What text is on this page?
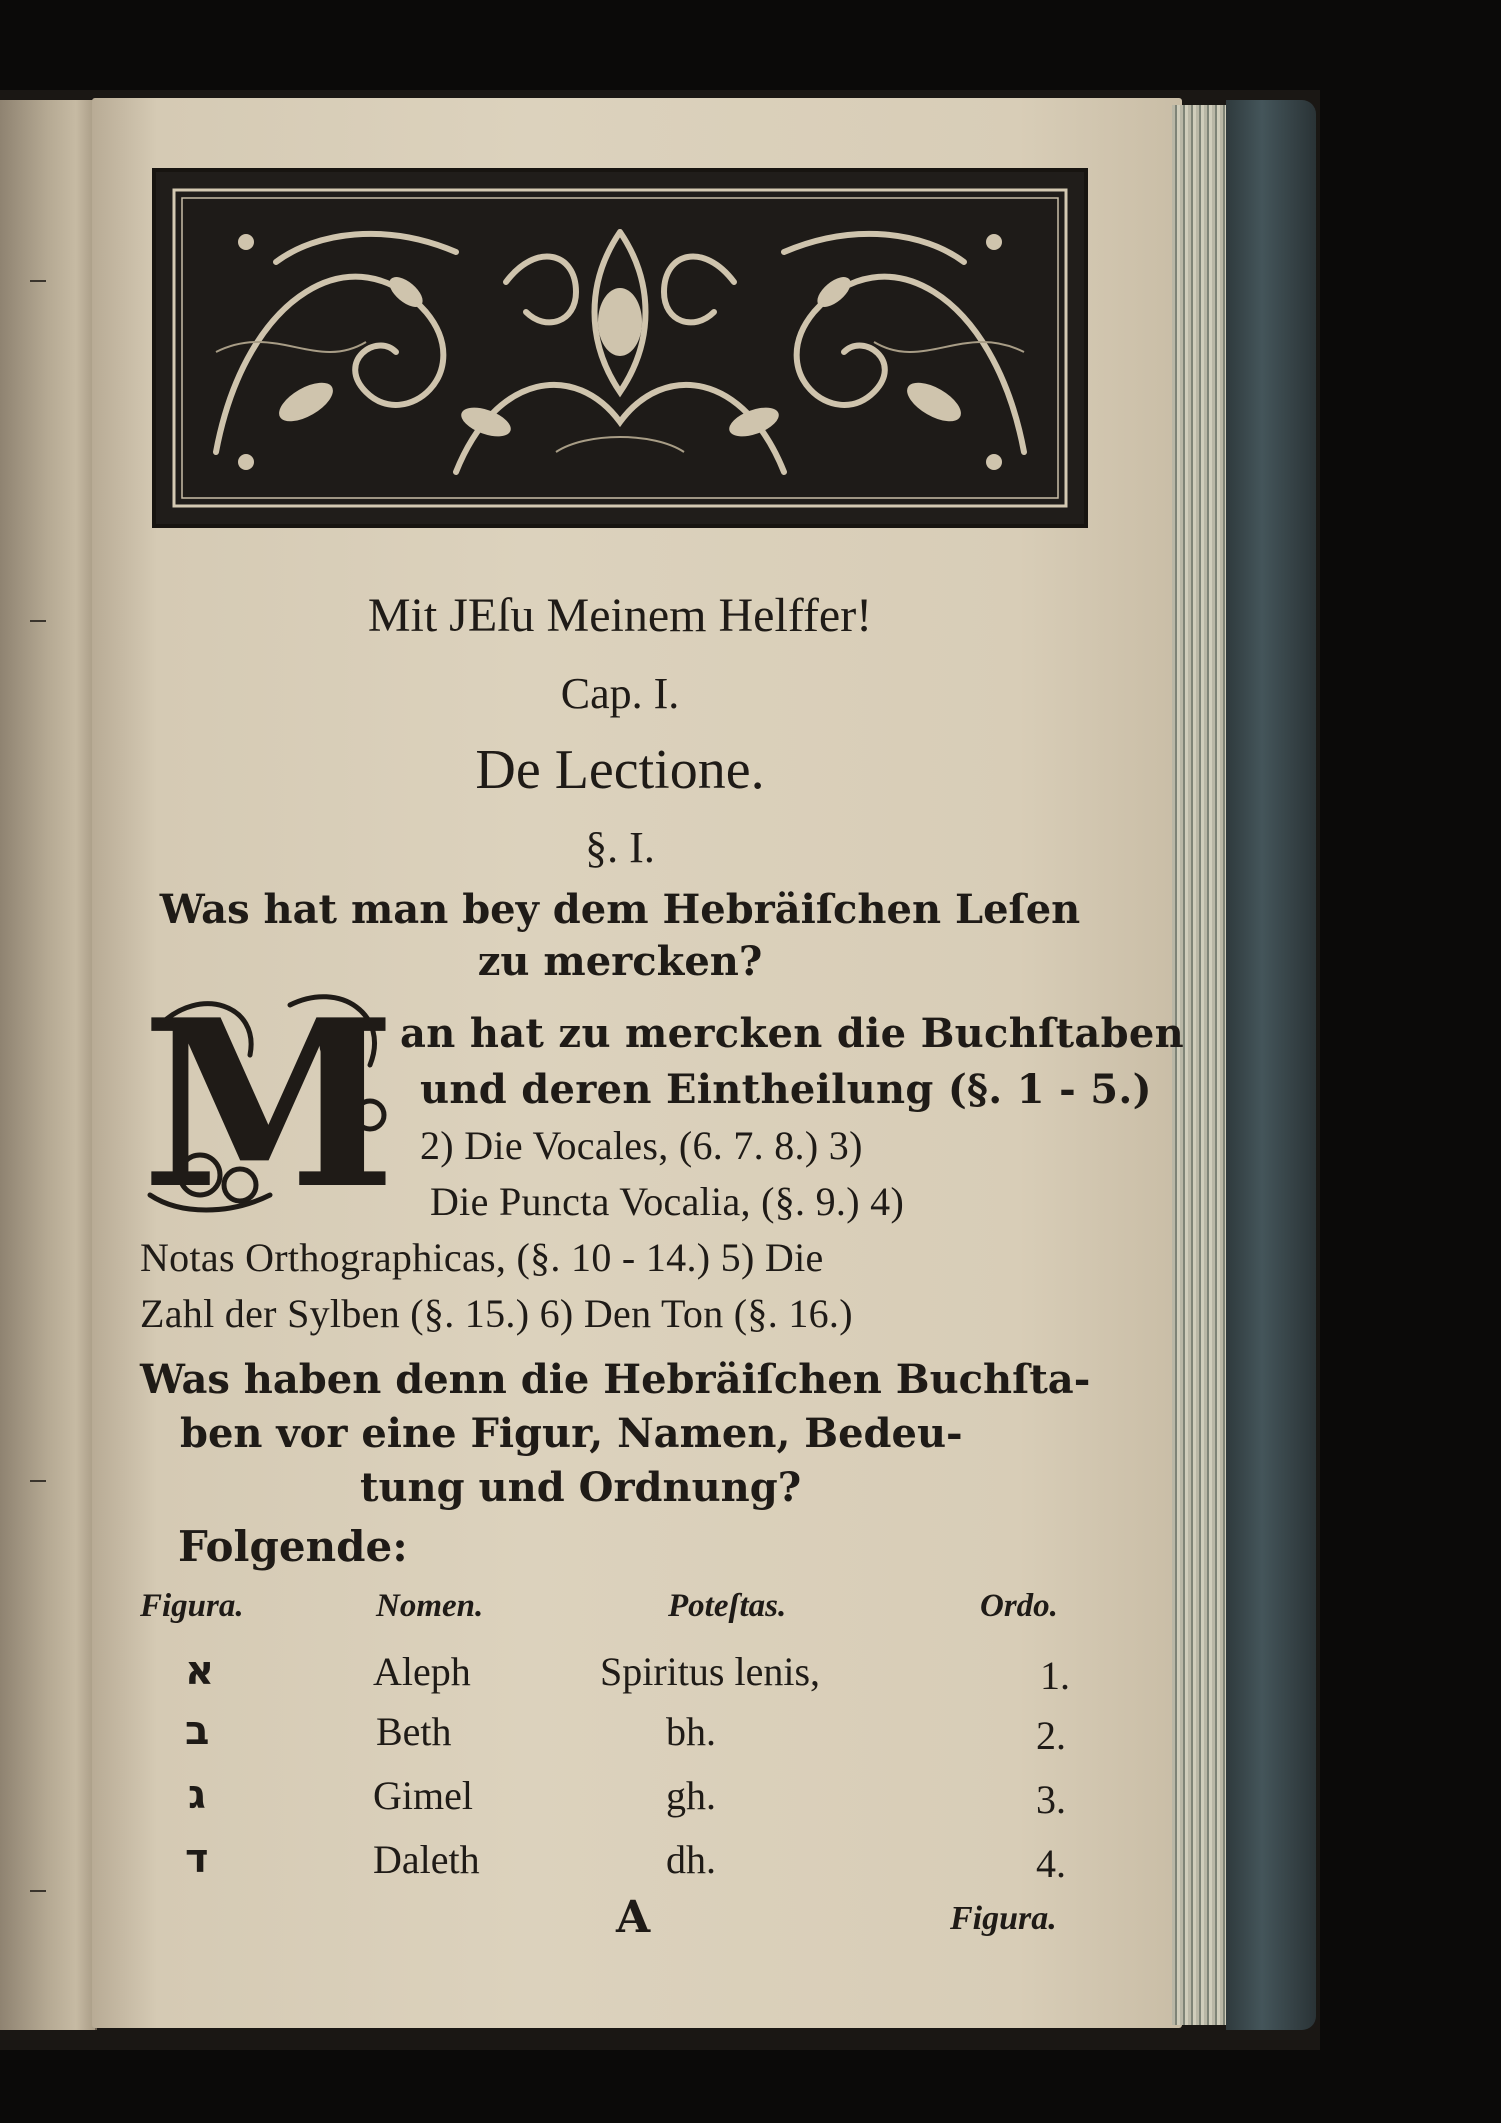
Mit JEſu Meinem Helffer!
Cap. I.
De Lectione.
§. I.
Was hat man bey dem Hebräiſchen Leſen
zu mercken?
M an hat zu mercken die Buchſtaben
und deren Eintheilung (§. 1 - 5.)
2) Die Vocales, (6. 7. 8.) 3)
Die Puncta Vocalia, (§. 9.) 4)
Notas Orthographicas, (§. 10 - 14.) 5) Die
Zahl der Sylben (§. 15.) 6) Den Ton (§. 16.)
Was haben denn die Hebräiſchen Buchſta-
ben vor eine Figur, Namen, Bedeu-
tung und Ordnung?
Folgende:
Figura.	Nomen.	Poteſtas.	Ordo.
א	Aleph	Spiritus lenis,	1.
ב	Beth	bh.	2.
ג	Gimel	gh.	3.
ד	Daleth	dh.	4.
A	Figura.
